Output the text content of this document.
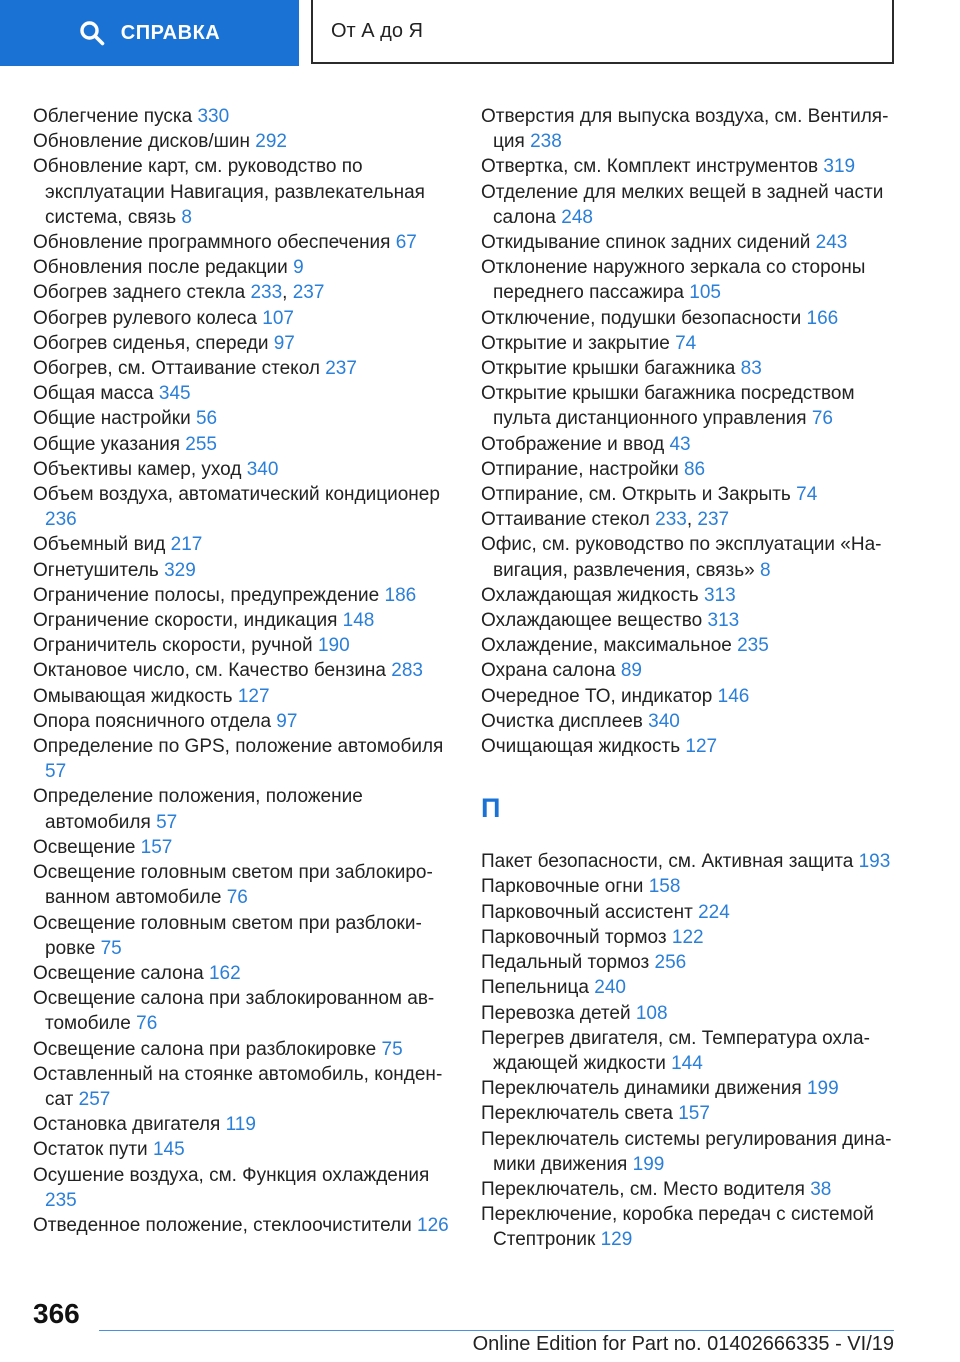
СПРАВКА	От А до Я
Облегчение пуска 330
Обновление дисков/шин 292
Обновление карт, см. руководство по эксплуатации Навигация, развлекательная система, связь 8
Обновление программного обеспечения 67
Обновления после редакции 9
Обогрев заднего стекла 233, 237
Обогрев рулевого колеса 107
Обогрев сиденья, спереди 97
Обогрев, см. Оттаивание стекол 237
Общая масса 345
Общие настройки 56
Общие указания 255
Объективы камер, уход 340
Объем воздуха, автоматический кондиционер 236
Объемный вид 217
Огнетушитель 329
Ограничение полосы, предупреждение 186
Ограничение скорости, индикация 148
Ограничитель скорости, ручной 190
Октановое число, см. Качество бензина 283
Омывающая жидкость 127
Опора поясничного отдела 97
Определение по GPS, положение автомобиля 57
Определение положения, положение автомобиля 57
Освещение 157
Освещение головным светом при заблокированном автомобиле 76
Освещение головным светом при разблокировке 75
Освещение салона 162
Освещение салона при заблокированном автомобиле 76
Освещение салона при разблокировке 75
Оставленный на стоянке автомобиль, конденсат 257
Остановка двигателя 119
Остаток пути 145
Осушение воздуха, см. Функция охлаждения 235
Отведенное положение, стеклоочистители 126
Отверстия для выпуска воздуха, см. Вентиляция 238
Отвертка, см. Комплект инструментов 319
Отделение для мелких вещей в задней части салона 248
Откидывание спинок задних сидений 243
Отклонение наружного зеркала со стороны переднего пассажира 105
Отключение, подушки безопасности 166
Открытие и закрытие 74
Открытие крышки багажника 83
Открытие крышки багажника посредством пульта дистанционного управления 76
Отображение и ввод 43
Отпирание, настройки 86
Отпирание, см. Открыть и Закрыть 74
Оттаивание стекол 233, 237
Офис, см. руководство по эксплуатации «Навигация, развлечения, связь» 8
Охлаждающая жидкость 313
Охлаждающее вещество 313
Охлаждение, максимальное 235
Охрана салона 89
Очередное ТО, индикатор 146
Очистка дисплеев 340
Очищающая жидкость 127
П
Пакет безопасности, см. Активная защита 193
Парковочные огни 158
Парковочный ассистент 224
Парковочный тормоз 122
Педальный тормоз 256
Пепельница 240
Перевозка детей 108
Перегрев двигателя, см. Температура охлаждающей жидкости 144
Переключатель динамики движения 199
Переключатель света 157
Переключатель системы регулирования динамики движения 199
Переключатель, см. Место водителя 38
Переключение, коробка передач с системой Стептроник 129
366
Online Edition for Part no. 01402666335 - VI/19
